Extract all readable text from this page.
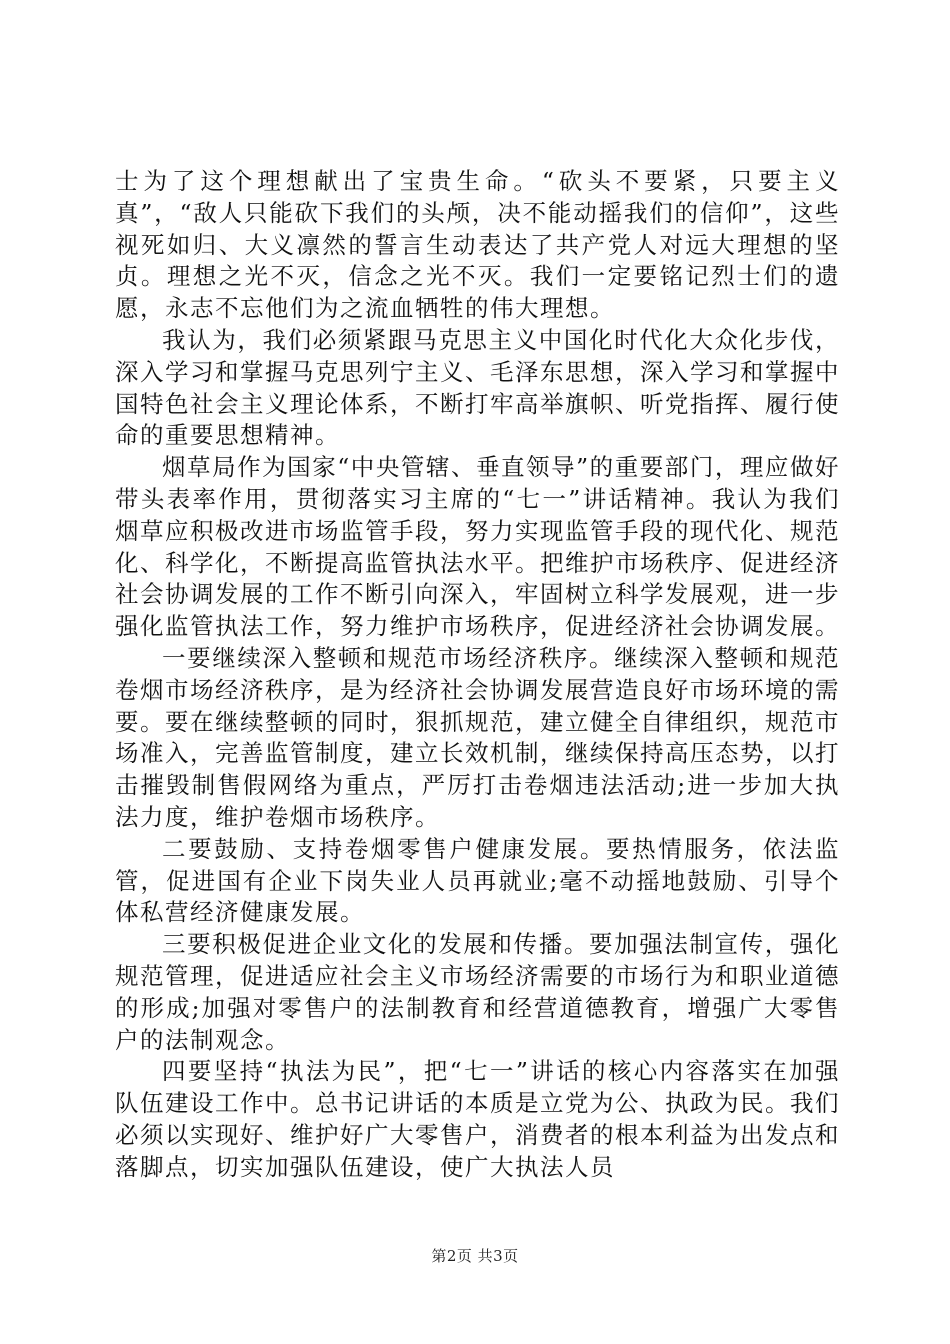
士为了这个理想献出了宝贵生命。“砍头不要紧，只要主义真”，“敌人只能砍下我们的头颅，决不能动摇我们的信仰”，这些视死如归、大义凛然的誓言生动表达了共产党人对远大理想的坚贞。理想之光不灭，信念之光不灭。我们一定要铭记烈士们的遗愿，永志不忘他们为之流血牺牲的伟大理想。

我认为，我们必须紧跟马克思主义中国化时代化大众化步伐，深入学习和掌握马克思列宁主义、毛泽东思想，深入学习和掌握中国特色社会主义理论体系，不断打牢高举旗帜、听党指挥、履行使命的重要思想精神。

烟草局作为国家“中央管辖、垂直领导”的重要部门，理应做好带头表率作用，贯彻落实习主席的“七一”讲话精神。我认为我们烟草应积极改进市场监管手段，努力实现监管手段的现代化、规范化、科学化，不断提高监管执法水平。把维护市场秩序、促进经济社会协调发展的工作不断引向深入，牢固树立科学发展观，进一步强化监管执法工作，努力维护市场秩序，促进经济社会协调发展。

一要继续深入整顿和规范市场经济秩序。继续深入整顿和规范卷烟市场经济秩序，是为经济社会协调发展营造良好市场环境的需要。要在继续整顿的同时，狠抓规范，建立健全自律组织，规范市场准入，完善监管制度，建立长效机制，继续保持高压态势，以打击摧毁制售假网络为重点，严厉打击卷烟违法活动;进一步加大执法力度，维护卷烟市场秩序。

二要鼓励、支持卷烟零售户健康发展。要热情服务，依法监管，促进国有企业下岗失业人员再就业;毫不动摇地鼓励、引导个体私营经济健康发展。

三要积极促进企业文化的发展和传播。要加强法制宣传，强化规范管理，促进适应社会主义市场经济需要的市场行为和职业道德的形成;加强对零售户的法制教育和经营道德教育，增强广大零售户的法制观念。

四要坚持“执法为民”，把“七一”讲话的核心内容落实在加强队伍建设工作中。总书记讲话的本质是立党为公、执政为民。我们必须以实现好、维护好广大零售户，消费者的根本利益为出发点和落脚点，切实加强队伍建设，使广大执法人员

第2页 共3页
